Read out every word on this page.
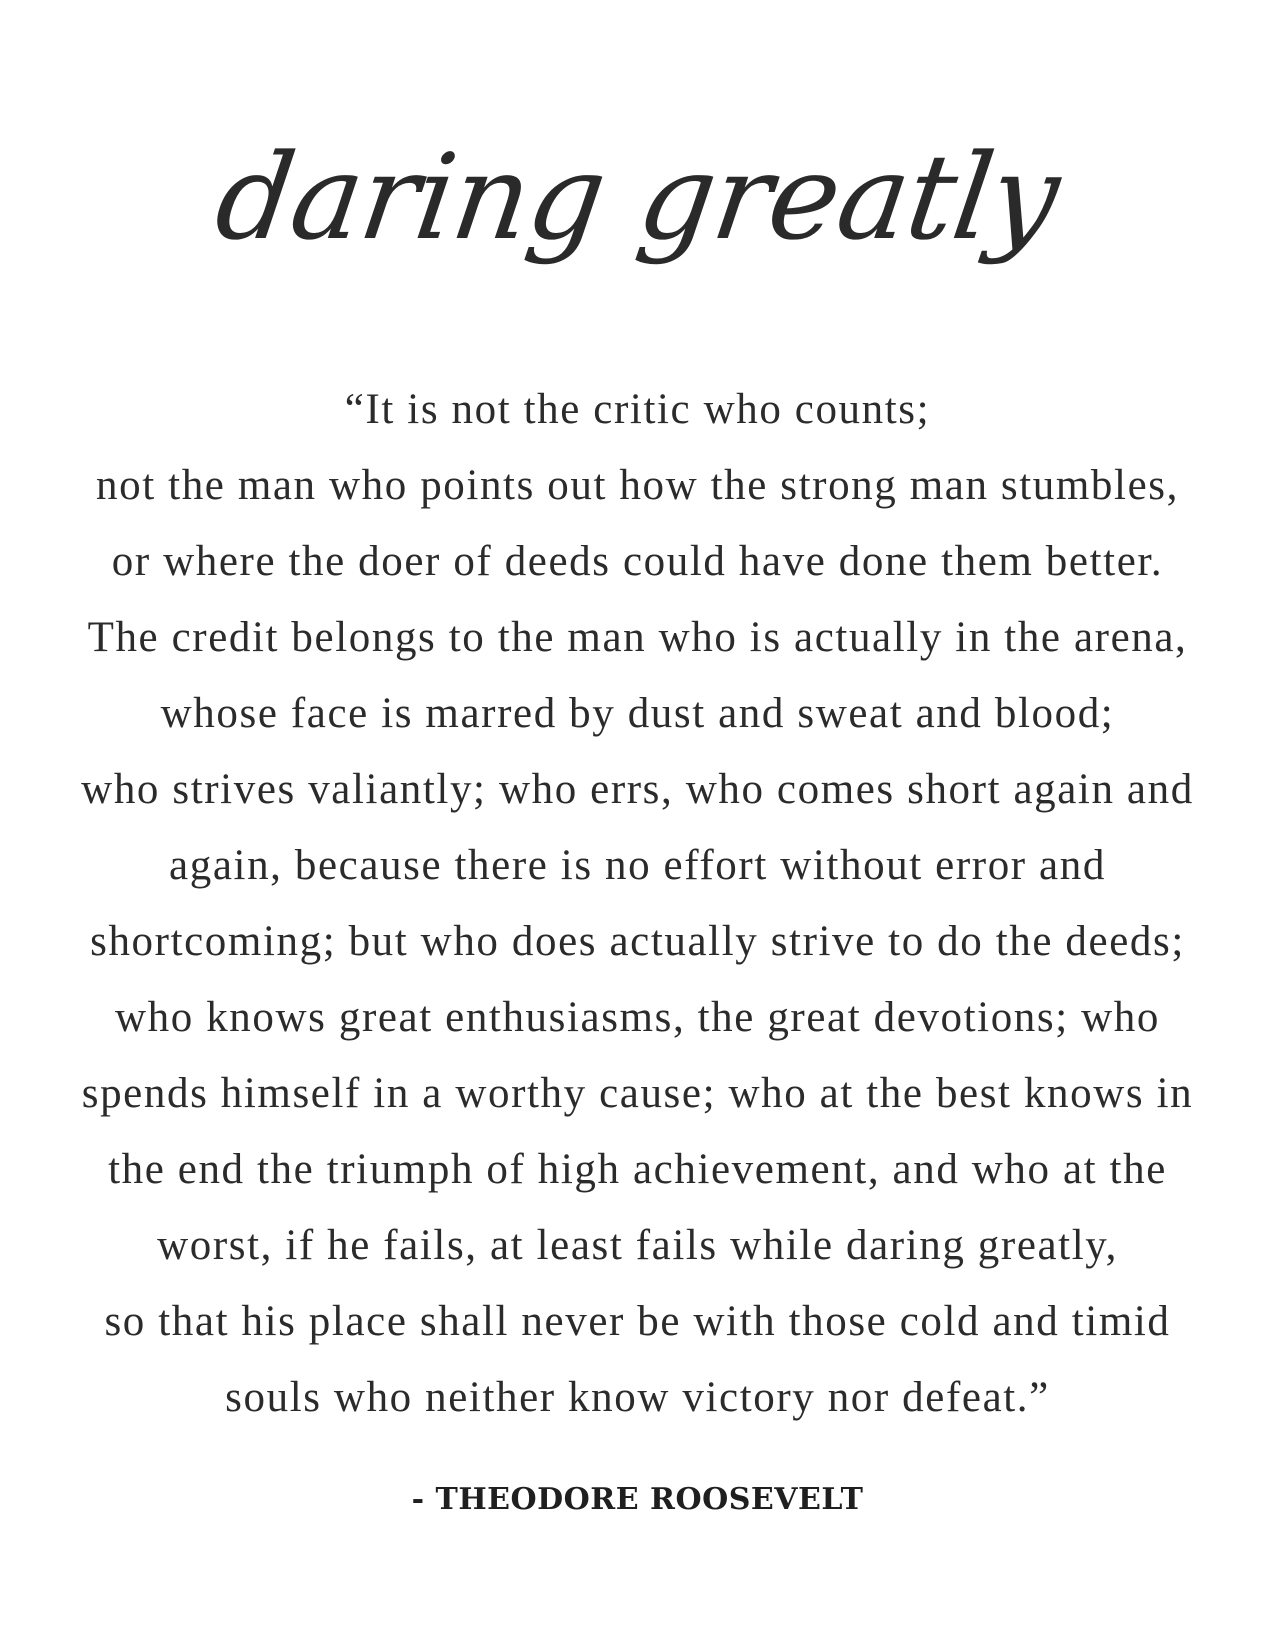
daring greatly
“It is not the critic who counts;
not the man who points out how the strong man stumbles,
or where the doer of deeds could have done them better.
The credit belongs to the man who is actually in the arena,
whose face is marred by dust and sweat and blood;
who strives valiantly; who errs, who comes short again and
again, because there is no effort without error and
shortcoming; but who does actually strive to do the deeds;
who knows great enthusiasms, the great devotions; who
spends himself in a worthy cause; who at the best knows in
the end the triumph of high achievement, and who at the
worst, if he fails, at least fails while daring greatly,
so that his place shall never be with those cold and timid
souls who neither know victory nor defeat.”
- THEODORE ROOSEVELT
